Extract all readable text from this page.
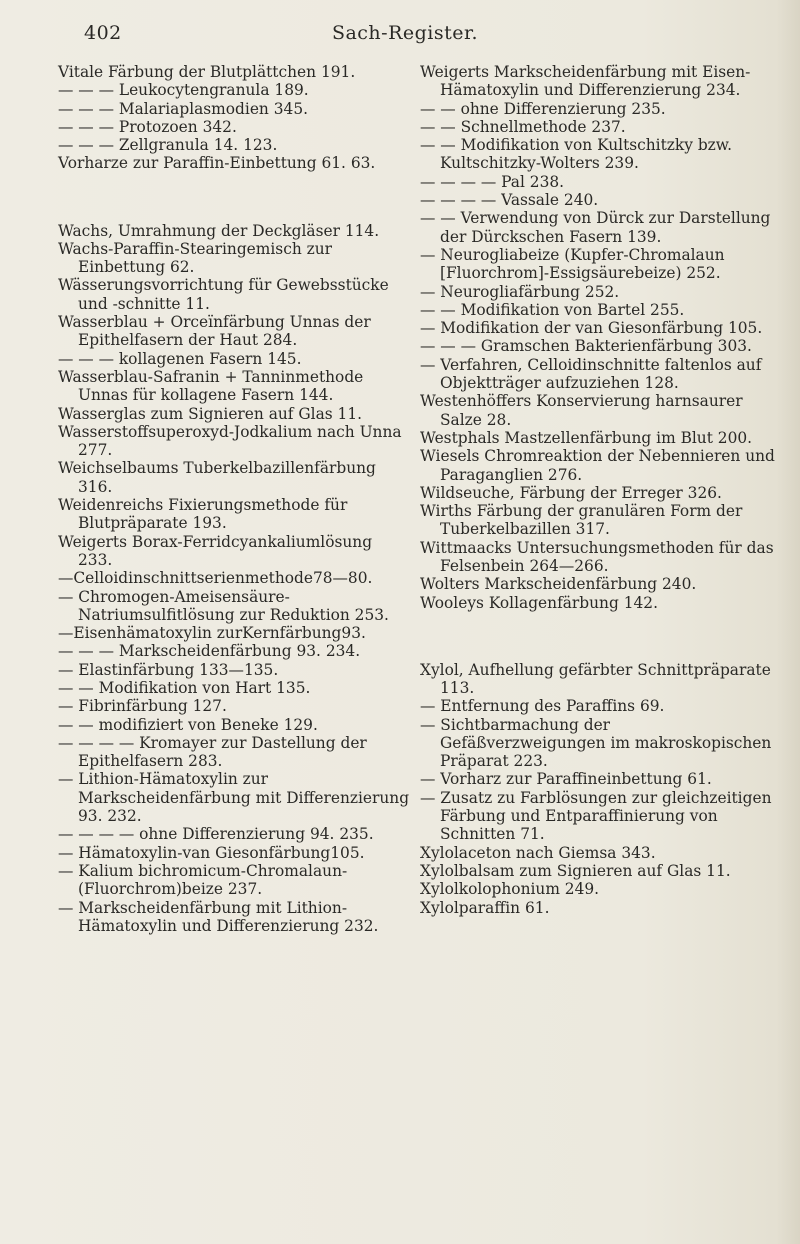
402	Sach-Register.

Vitale Färbung der Blutplättchen 191.

— — — Leukocytengranula 189.

— — — Malariaplasmodien 345.

— — — Protozoen 342.

— — — Zellgranula 14. 123.

Vorharze zur Paraffin-Einbettung 61. 63.

Wachs, Umrahmung der Deckgläser 114.

Wachs-Paraffin-Stearingemisch zur Einbettung 62.

Wässerungsvorrichtung für Gewebsstücke und -schnitte 11.

Wasserblau + Orceïnfärbung Unnas der Epithelfasern der Haut 284.

— — — kollagenen Fasern 145.

Wasserblau-Safranin + Tanninmethode Unnas für kollagene Fasern 144.

Wasserglas zum Signieren auf Glas 11.

Wasserstoffsuperoxyd-Jodkalium nach Unna 277.

Weichselbaums Tuberkelbazillenfärbung 316.

Weidenreichs Fixierungsmethode für Blutpräparate 193.

Weigerts Borax-Ferridcyankaliumlösung 233.

—Celloidinschnittserienmethode78—80.

— Chromogen-Ameisensäure-Natriumsulfitlösung zur Reduktion 253.

—Eisenhämatoxylin zurKernfärbung93.

— — — Markscheidenfärbung 93. 234.

— Elastinfärbung 133—135.

— — Modifikation von Hart 135.

— Fibrinfärbung 127.

— — modifiziert von Beneke 129.

— — — — Kromayer zur Dastellung der Epithelfasern 283.

— Lithion-Hämatoxylin zur Markscheidenfärbung mit Differenzierung 93. 232.

— — — — ohne Differenzierung 94. 235.

— Hämatoxylin-van Giesonfärbung105.

— Kalium bichromicum-Chromalaun-(Fluorchrom)beize 237.

— Markscheidenfärbung mit Lithion-Hämatoxylin und Differenzierung 232.

Weigerts Markscheidenfärbung mit Eisen-Hämatoxylin und Differenzierung 234.

— — ohne Differenzierung 235.

— — Schnellmethode 237.

— — Modifikation von Kultschitzky bzw. Kultschitzky-Wolters 239.

— — — — Pal 238.

— — — — Vassale 240.

— — Verwendung von Dürck zur Darstellung der Dürckschen Fasern 139.

— Neurogliabeize (Kupfer-Chromalaun [Fluorchrom]-Essigsäurebeize) 252.

— Neurogliafärbung 252.

— — Modifikation von Bartel 255.

— Modifikation der van Giesonfärbung 105.

— — — Gramschen Bakterienfärbung 303.

— Verfahren, Celloidinschnitte faltenlos auf Objektträger aufzuziehen 128.

Westenhöffers Konservierung harnsaurer Salze 28.

Westphals Mastzellenfärbung im Blut 200.

Wiesels Chromreaktion der Nebennieren und Paraganglien 276.

Wildseuche, Färbung der Erreger 326.

Wirths Färbung der granulären Form der Tuberkelbazillen 317.

Wittmaacks Untersuchungsmethoden für das Felsenbein 264—266.

Wolters Markscheidenfärbung 240.

Wooleys Kollagenfärbung 142.

Xylol, Aufhellung gefärbter Schnittpräparate 113.

— Entfernung des Paraffins 69.

— Sichtbarmachung der Gefäßverzweigungen im makroskopischen Präparat 223.

— Vorharz zur Paraffineinbettung 61.

— Zusatz zu Farblösungen zur gleichzeitigen Färbung und Entparaffinierung von Schnitten 71.

Xylolaceton nach Giemsa 343.

Xylolbalsam zum Signieren auf Glas 11.

Xylolkolophonium 249.

Xylolparaffin 61.
